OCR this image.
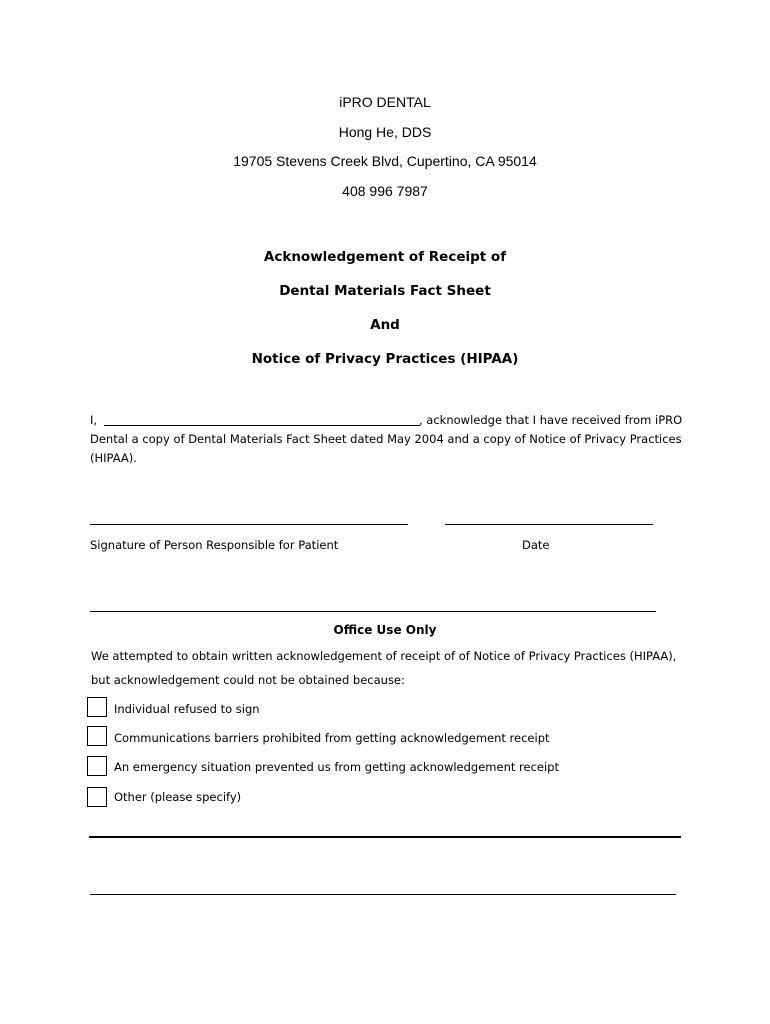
iPRO DENTAL
Hong He, DDS
19705 Stevens Creek Blvd, Cupertino, CA 95014
408 996 7987
Acknowledgement of Receipt of
Dental Materials Fact Sheet
And
Notice of Privacy Practices (HIPAA)
I,	, acknowledge that I have received from iPRO
Dental a copy of Dental Materials Fact Sheet dated May 2004 and a copy of Notice of Privacy Practices
(HIPAA).
Signature of Person Responsible for Patient	Date
Office Use Only
We attempted to obtain written acknowledgement of receipt of of Notice of Privacy Practices (HIPAA),
but acknowledgement could not be obtained because:
Individual refused to sign
Communications barriers prohibited from getting acknowledgement receipt
An emergency situation prevented us from getting acknowledgement receipt
Other (please specify)
